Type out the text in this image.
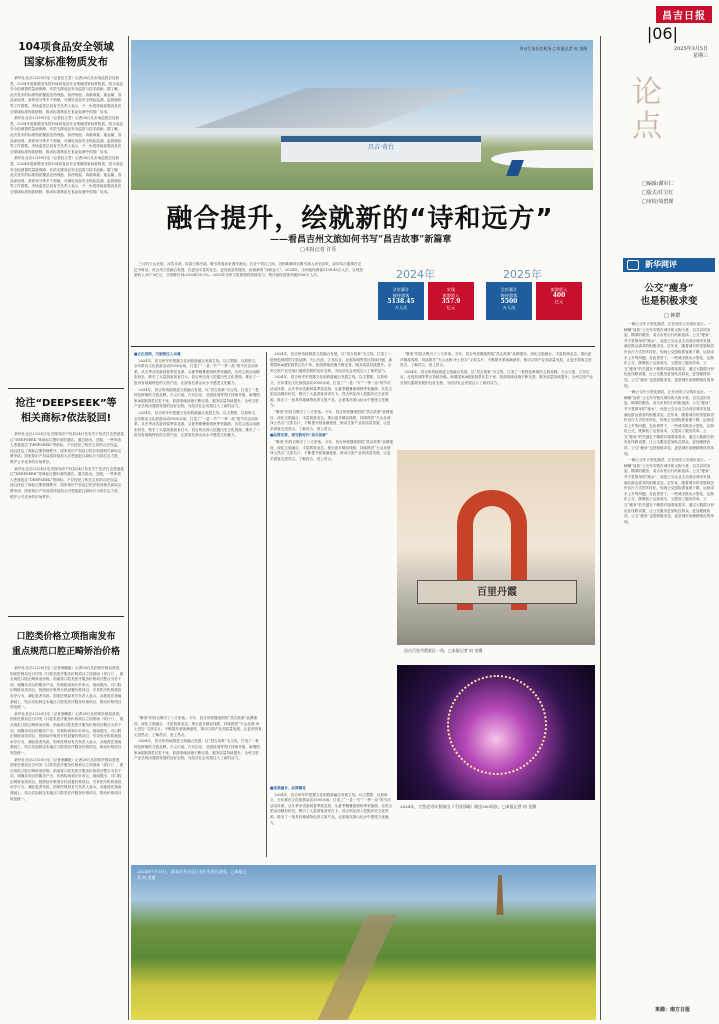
昌吉日报
|06|
2025年3月5日
星期三
论点
□编辑/谢军仁
□版式/任宝红
□审校/周碧瑾
104项食品安全领域
国家标准物质发布

新华社北京2月28日电（记者赵文君）记者28日从市场监管总局获悉，2024年度新增发布的104项食品安全领域国家标准物质，将为食品安全检测提供量值保障，有效支撑食品安全监管与技术创新。据了解，此次发布的标准物质覆盖农药残留、兽药残留、真菌毒素、重金属、食品添加剂、营养成分等多个领域，可满足食品安全风险监测、监督抽检等工作需要。市场监管总局有关负责人表示，下一步将持续加强食品安全领域标准物质研制，推动标准物质在食品检测中的推广应用。

新华社北京2月28日电（记者赵文君）记者28日从市场监管总局获悉，2024年度新增发布的104项食品安全领域国家标准物质，将为食品安全检测提供量值保障，有效支撑食品安全监管与技术创新。据了解，此次发布的标准物质覆盖农药残留、兽药残留、真菌毒素、重金属、食品添加剂、营养成分等多个领域，可满足食品安全风险监测、监督抽检等工作需要。市场监管总局有关负责人表示，下一步将持续加强食品安全领域标准物质研制，推动标准物质在食品检测中的推广应用。

新华社北京2月28日电（记者赵文君）记者28日从市场监管总局获悉，2024年度新增发布的104项食品安全领域国家标准物质，将为食品安全检测提供量值保障，有效支撑食品安全监管与技术创新。据了解，此次发布的标准物质覆盖农药残留、兽药残留、真菌毒素、重金属、食品添加剂、营养成分等多个领域，可满足食品安全风险监测、监督抽检等工作需要。市场监管总局有关负责人表示，下一步将持续加强食品安全领域标准物质研制，推动标准物质在食品检测中的推广应用。

抢注“DEEPSEEK”等
相关商标?依法驳回!

新华社北京2月24日电 国家知识产权局24日发布关于依法打击恶意抢注“DEEPSEEK”等商标注册申请的通告。通告指出，近期，一些申请人恶意抢注“DEEPSEEK”等商标，不仅侵犯了相关主体的合法权益，而且扰乱了商标注册管理秩序，国家知识产权局已依法驳回相关商标注册申请。国家知识产权局将持续加大对恶意抢注商标行为的打击力度，维护公平竞争的市场秩序。

新华社北京2月24日电 国家知识产权局24日发布关于依法打击恶意抢注“DEEPSEEK”等商标注册申请的通告。通告指出，近期，一些申请人恶意抢注“DEEPSEEK”等商标，不仅侵犯了相关主体的合法权益，而且扰乱了商标注册管理秩序，国家知识产权局已依法驳回相关商标注册申请。国家知识产权局将持续加大对恶意抢注商标行为的打击力度，维护公平竞争的市场秩序。

口腔类价格立项指南发布
重点规范口腔正畸矫治价格

新华社北京2月28日电（记者徐鹏航）记者28日从国家医保局获悉，国家医保局近日印发《口腔类医疗服务价格项目立项指南（试行）》，重点规范口腔正畸矫治价格。指南将口腔类医疗服务价格项目整合为若干项，明确各项目的服务产出、价格构成和计价单元。指南提出，对口腔正畸矫治类项目，按照治疗难度分档设置价格项目，引导医疗机构规范诊疗行为，减轻患者负担。国家医保局有关负责人表示，各地将在指南基础上，结合实际制定本地区口腔类医疗服务价格项目，推动价格项目规范统一。

新华社北京2月28日电（记者徐鹏航）记者28日从国家医保局获悉，国家医保局近日印发《口腔类医疗服务价格项目立项指南（试行）》，重点规范口腔正畸矫治价格。指南将口腔类医疗服务价格项目整合为若干项，明确各项目的服务产出、价格构成和计价单元。指南提出，对口腔正畸矫治类项目，按照治疗难度分档设置价格项目，引导医疗机构规范诊疗行为，减轻患者负担。国家医保局有关负责人表示，各地将在指南基础上，结合实际制定本地区口腔类医疗服务价格项目，推动价格项目规范统一。

新华社北京2月28日电（记者徐鹏航）记者28日从国家医保局获悉，国家医保局近日印发《口腔类医疗服务价格项目立项指南（试行）》，重点规范口腔正畸矫治价格。指南将口腔类医疗服务价格项目整合为若干项，明确各项目的服务产出、价格构成和计价单元。指南提出，对口腔正畸矫治类项目，按照治疗难度分档设置价格项目，引导医疗机构规范诊疗行为，减轻患者负担。国家医保局有关负责人表示，各地将在指南基础上，结合实际制定本地区口腔类医疗服务价格项目，推动价格项目规范统一。

昌吉·奇台
奇台江布拉克机场 □本报记者 何 龙摄
融合提升，绘就新的“诗和远方”
——看昌吉州文旅如何书写“昌吉故事”新篇章
□本报记者 许乐

三月的天山北坡，冰雪未消，如春天的序曲，吸引游客前来漫步游玩；在各个景区之间，各种新潮项目吸引游人纷至沓来，如同本次盛事在记忆中鲜活。昌吉州文旅融合发展，以更加丰富的业态、更加优质的服务，绘就新的“诗和远方”。2024年，全州接待游客5138.45万人次，实现旅游收入357.9亿元，分别增长14.02%和20.3%。2025年全州文旅系统将持续发力，预计接待游客突破5500万人次。	2024年	2025年
全年累计
接待游客
5138.45
万人次
实现
旅游收入
357.9
亿元
全年累计
接待游客
5500
万人次
旅游收入
400
亿元

■文化浸润，为旅游注入灵魂

2024年，昌吉州牢牢把握文化和旅游融合发展主线，以文塑旅、以旅彰文，全年推出文化旅游活动1000余场，打造了“一县一节”“一季一品”的节庆活动体系。从冬季冰雪游到春季赏花游，从夏季避暑游到秋季采摘游，各类文旅活动精彩纷呈，吸引了大量游客前来打卡。昌吉州还深入挖掘历史文化资源，推出了一批具有地域特色的文旅产品，让游客在游山玩水中感受文化魅力。

2024年，昌吉州持续推进文旅融合发展，以“昌吉故事”为主线，打造了一批特色鲜明的文旅品牌。天山天池、江布拉克、北庭故城等景区持续升级，新增国家A级旅游景区若干家，旅游基础设施不断完善，服务质量持续提升。全州文旅产业呈现出蓬勃发展的良好态势，为经济社会发展注入了新的活力。

2024年，昌吉州牢牢把握文化和旅游融合发展主线，以文塑旅、以旅彰文，全年推出文化旅游活动1000余场，打造了“一县一节”“一季一品”的节庆活动体系。从冬季冰雪游到春季赏花游，从夏季避暑游到秋季采摘游，各类文旅活动精彩纷呈，吸引了大量游客前来打卡。昌吉州还深入挖掘历史文化资源，推出了一批具有地域特色的文旅产品，让游客在游山玩水中感受文化魅力。

“醉美”的昌吉吸引了八方来客。今年，昌吉州将继续围绕“昌吉故事”品牌建设，深化文旅融合，丰富旅游业态，推出更多精品线路，持续擦亮“天山北坡·净土昌吉”文旅名片，不断提升游客满意度，推动文旅产业高质量发展，让更多游客走进昌吉、了解昌吉、爱上昌吉。

2024年，昌吉州持续推进文旅融合发展，以“昌吉故事”为主线，打造了一批特色鲜明的文旅品牌。天山天池、江布拉克、北庭故城等景区持续升级，新增国家A级旅游景区若干家，旅游基础设施不断完善，服务质量持续提升。全州文旅产业呈现出蓬勃发展的良好态势，为经济社会发展注入了新的活力。

2024年，昌吉州持续推进文旅融合发展，以“昌吉故事”为主线，打造了一批特色鲜明的文旅品牌。天山天池、江布拉克、北庭故城等景区持续升级，新增国家A级旅游景区若干家，旅游基础设施不断完善，服务质量持续提升。全州文旅产业呈现出蓬勃发展的良好态势，为经济社会发展注入了新的活力。

2024年，昌吉州牢牢把握文化和旅游融合发展主线，以文塑旅、以旅彰文，全年推出文化旅游活动1000余场，打造了“一县一节”“一季一品”的节庆活动体系。从冬季冰雪游到春季赏花游，从夏季避暑游到秋季采摘游，各类文旅活动精彩纷呈，吸引了大量游客前来打卡。昌吉州还深入挖掘历史文化资源，推出了一批具有地域特色的文旅产品，让游客在游山玩水中感受文化魅力。

“醉美”的昌吉吸引了八方来客。今年，昌吉州将继续围绕“昌吉故事”品牌建设，深化文旅融合，丰富旅游业态，推出更多精品线路，持续擦亮“天山北坡·净土昌吉”文旅名片，不断提升游客满意度，推动文旅产业高质量发展，让更多游客走进昌吉、了解昌吉、爱上昌吉。

■品牌完善，谱写新时代“昌吉故事”

“醉美”的昌吉吸引了八方来客。今年，昌吉州将继续围绕“昌吉故事”品牌建设，深化文旅融合，丰富旅游业态，推出更多精品线路，持续擦亮“天山北坡·净土昌吉”文旅名片，不断提升游客满意度，推动文旅产业高质量发展，让更多游客走进昌吉、了解昌吉、爱上昌吉。

■高质融合，品牌擦亮

2024年，昌吉州牢牢把握文化和旅游融合发展主线，以文塑旅、以旅彰文，全年推出文化旅游活动1000余场，打造了“一县一节”“一季一品”的节庆活动体系。从冬季冰雪游到春季赏花游，从夏季避暑游到秋季采摘游，各类文旅活动精彩纷呈，吸引了大量游客前来打卡。昌吉州还深入挖掘历史文化资源，推出了一批具有地域特色的文旅产品，让游客在游山玩水中感受文化魅力。

“醉美”的昌吉吸引了八方来客。今年，昌吉州将继续围绕“昌吉故事”品牌建设，深化文旅融合，丰富旅游业态，推出更多精品线路，持续擦亮“天山北坡·净土昌吉”文旅名片，不断提升游客满意度，推动文旅产业高质量发展，让更多游客走进昌吉、了解昌吉、爱上昌吉。

2024年，昌吉州持续推进文旅融合发展，以“昌吉故事”为主线，打造了一批特色鲜明的文旅品牌。天山天池、江布拉克、北庭故城等景区持续升级，新增国家A级旅游景区若干家，旅游基础设施不断完善，服务质量持续提升。全州文旅产业呈现出蓬勃发展的良好态势，为经济社会发展注入了新的活力。

百里丹霞
昌吉百里丹霞景区一角。□本报记者 何 龙摄
2024年，大型史诗实景演出《千回西域》演出200场次。□本报记者 何 龙摄
2024年7月11日，游客在奇台县江布拉克景区游览。□本报记者 何 龙摄
新华网评
公交“瘦身”
也是积极求变
□ 钟群

一辆公交车小型化测试，正在西安公交城市运行。一辆辆“迷你”公交车穿梭在城市的大街小巷，以灵活的身姿、精准的服务，成为市民出行的新选择。公交“瘦身”，并不是简单的“缩水”，而是公交企业主动适应城市发展、满足群众需求的积极求变。近年来，随着城市的发展和居民出行方式的多样化，传统公交面临着客流下降、运营成本上升等问题。在此背景下，一些城市推出小型化、定制化公交，既降低了运营成本，又提高了服务效率。公交“瘦身”的关键在于精准对接乘客需求，通过大数据分析优化线路设置，让公交服务更加贴近群众、更加便捷高效。公交“瘦身”也是积极求变，更是城市治理精细化的体现。

一辆公交车小型化测试，正在西安公交城市运行。一辆辆“迷你”公交车穿梭在城市的大街小巷，以灵活的身姿、精准的服务，成为市民出行的新选择。公交“瘦身”，并不是简单的“缩水”，而是公交企业主动适应城市发展、满足群众需求的积极求变。近年来，随着城市的发展和居民出行方式的多样化，传统公交面临着客流下降、运营成本上升等问题。在此背景下，一些城市推出小型化、定制化公交，既降低了运营成本，又提高了服务效率。公交“瘦身”的关键在于精准对接乘客需求，通过大数据分析优化线路设置，让公交服务更加贴近群众、更加便捷高效。公交“瘦身”也是积极求变，更是城市治理精细化的体现。

一辆公交车小型化测试，正在西安公交城市运行。一辆辆“迷你”公交车穿梭在城市的大街小巷，以灵活的身姿、精准的服务，成为市民出行的新选择。公交“瘦身”，并不是简单的“缩水”，而是公交企业主动适应城市发展、满足群众需求的积极求变。近年来，随着城市的发展和居民出行方式的多样化，传统公交面临着客流下降、运营成本上升等问题。在此背景下，一些城市推出小型化、定制化公交，既降低了运营成本，又提高了服务效率。公交“瘦身”的关键在于精准对接乘客需求，通过大数据分析优化线路设置，让公交服务更加贴近群众、更加便捷高效。公交“瘦身”也是积极求变，更是城市治理精细化的体现。

来源：南方日报
